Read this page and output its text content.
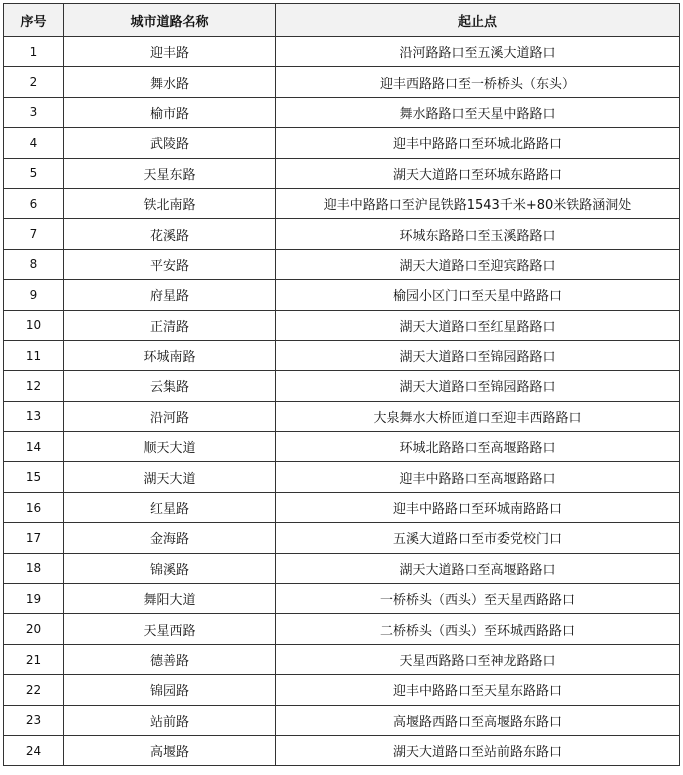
序号	城市道路名称	起止点
1	迎丰路	沿河路路口至五溪大道路口
2	舞水路	迎丰西路路口至一桥桥头（东头）
3	榆市路	舞水路路口至天星中路路口
4	武陵路	迎丰中路路口至环城北路路口
5	天星东路	湖天大道路口至环城东路路口
6	铁北南路	迎丰中路路口至沪昆铁路1543千米+80米铁路涵洞处
7	花溪路	环城东路路口至玉溪路路口
8	平安路	湖天大道路口至迎宾路路口
9	府星路	榆园小区门口至天星中路路口
10	正清路	湖天大道路口至红星路路口
11	环城南路	湖天大道路口至锦园路路口
12	云集路	湖天大道路口至锦园路路口
13	沿河路	大泉舞水大桥匝道口至迎丰西路路口
14	顺天大道	环城北路路口至高堰路路口
15	湖天大道	迎丰中路路口至高堰路路口
16	红星路	迎丰中路路口至环城南路路口
17	金海路	五溪大道路口至市委党校门口
18	锦溪路	湖天大道路口至高堰路路口
19	舞阳大道	一桥桥头（西头）至天星西路路口
20	天星西路	二桥桥头（西头）至环城西路路口
21	德善路	天星西路路口至神龙路路口
22	锦园路	迎丰中路路口至天星东路路口
23	站前路	高堰路西路口至高堰路东路口
24	高堰路	湖天大道路口至站前路东路口
